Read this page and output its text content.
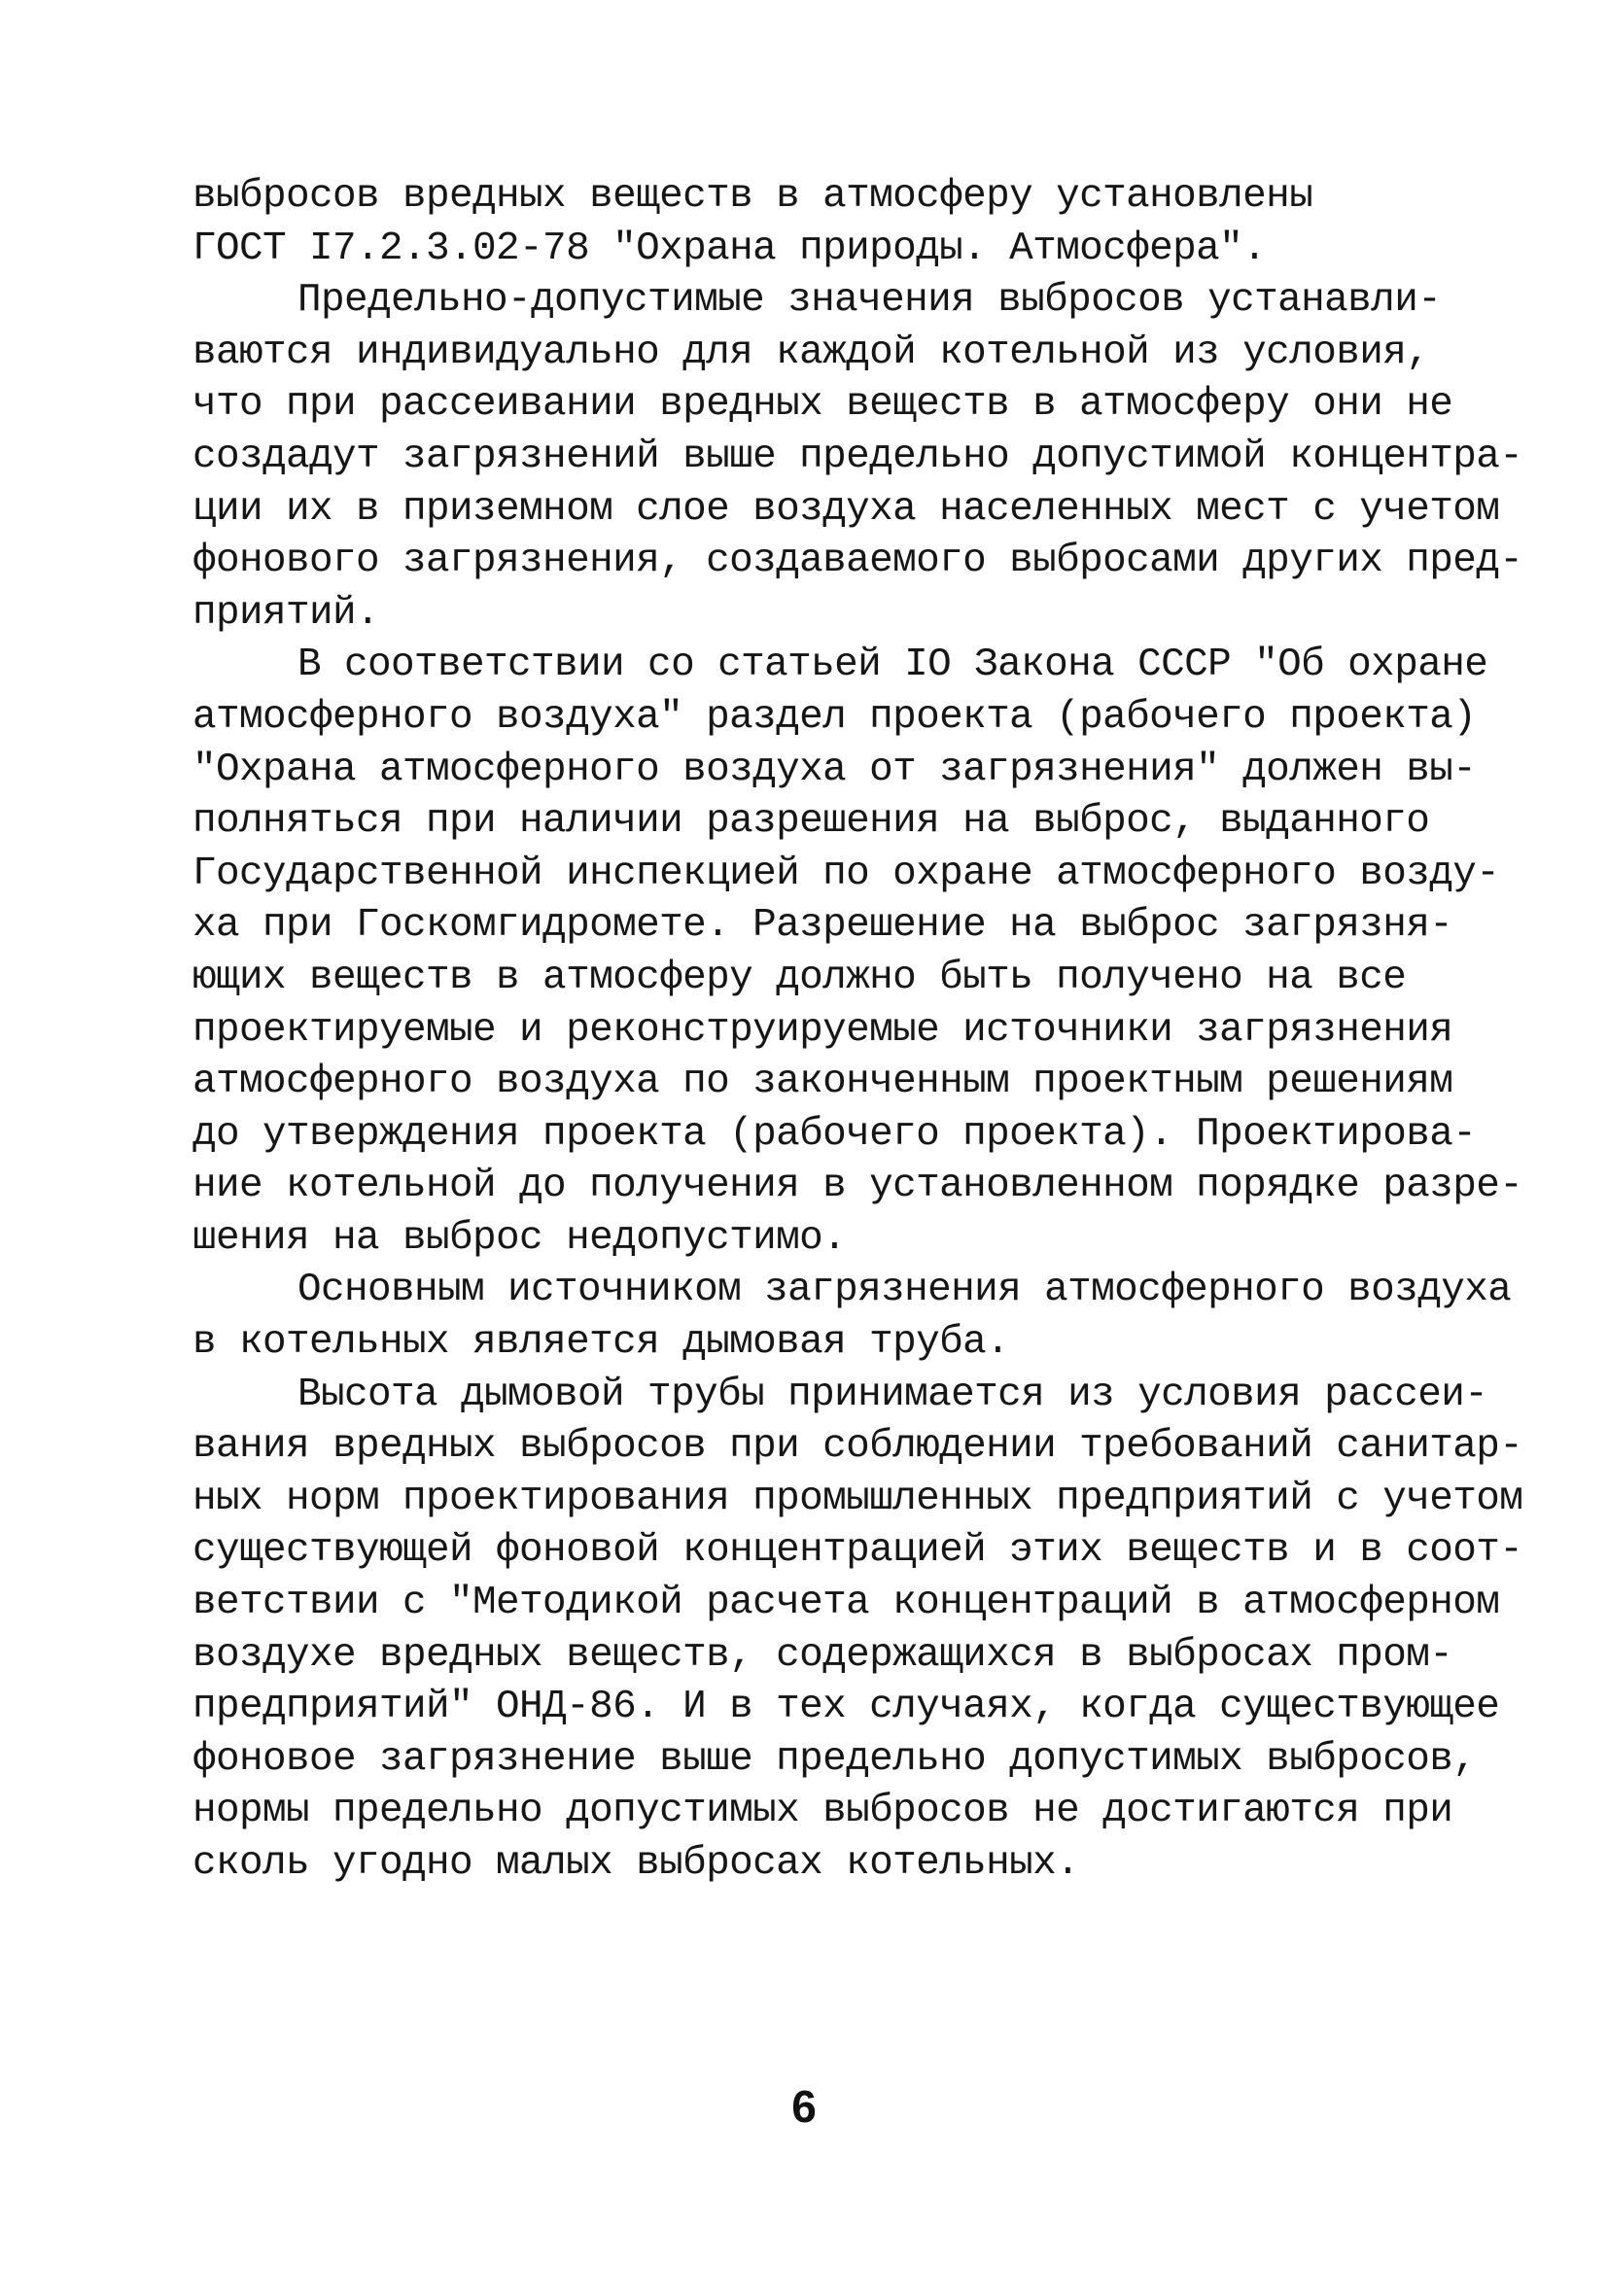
выбросов вредных веществ в атмосферу установлены
ГОСТ I7.2.3.02-78 "Охрана природы. Атмосфера".
Предельно-допустимые значения выбросов устанавли-
ваются индивидуально для каждой котельной из условия,
что при рассеивании вредных веществ в атмосферу они не
создадут загрязнений выше предельно допустимой концентра-
ции их в приземном слое воздуха населенных мест с учетом
фонового загрязнения, создаваемого выбросами других пред-
приятий.
В соответствии со статьей IO Закона СССР "Об охране
атмосферного воздуха" раздел проекта (рабочего проекта)
"Охрана атмосферного воздуха от загрязнения" должен вы-
полняться при наличии разрешения на выброс, выданного
Государственной инспекцией по охране атмосферного возду-
ха при Госкомгидромете. Разрешение на выброс загрязня-
ющих веществ в атмосферу должно быть получено на все
проектируемые и реконструируемые источники загрязнения
атмосферного воздуха по законченным проектным решениям
до утверждения проекта (рабочего проекта). Проектирова-
ние котельной до получения в установленном порядке разре-
шения на выброс недопустимо.
Основным источником загрязнения атмосферного воздуха
в котельных является дымовая труба.
Высота дымовой трубы принимается из условия рассеи-
вания вредных выбросов при соблюдении требований санитар-
ных норм проектирования промышленных предприятий с учетом
существующей фоновой концентрацией этих веществ и в соот-
ветствии с "Методикой расчета концентраций в атмосферном
воздухе вредных веществ, содержащихся в выбросах пром-
предприятий" ОНД-86. И в тех случаях, когда существующее
фоновое загрязнение выше предельно допустимых выбросов,
нормы предельно допустимых выбросов не достигаются при
сколь угодно малых выбросах котельных.
6
